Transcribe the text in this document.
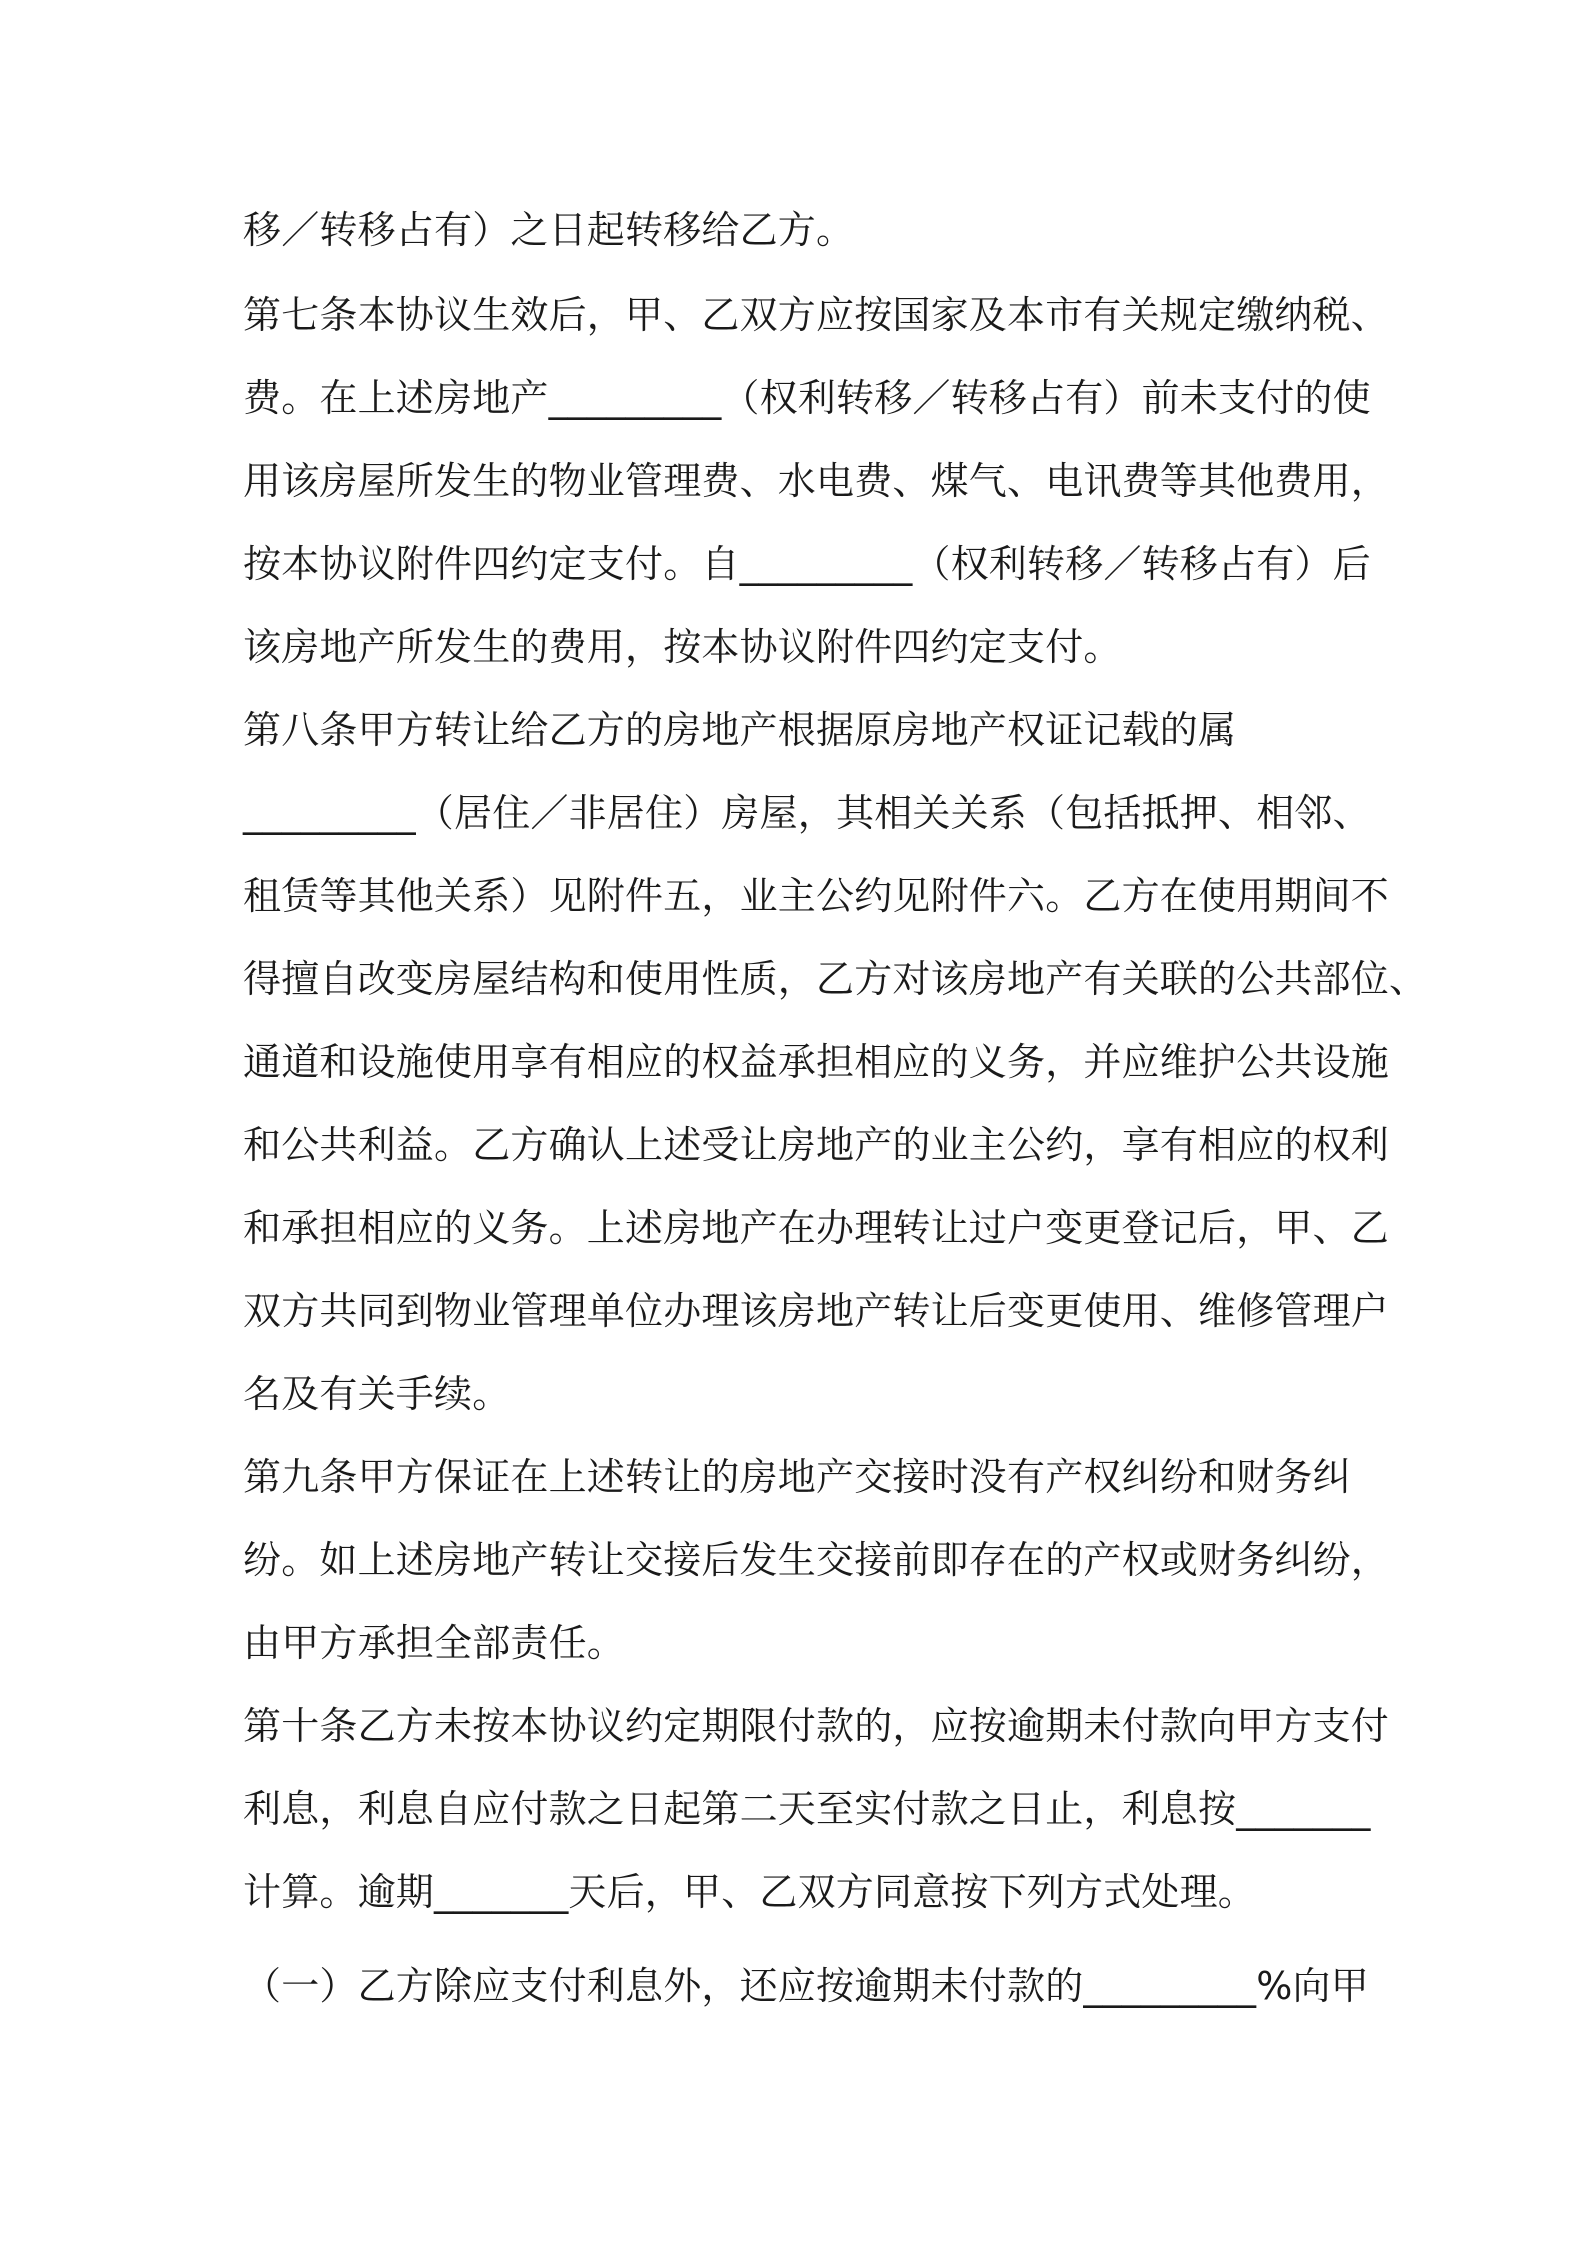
移／转移占有）之日起转移给乙方。
第七条本协议生效后，甲、乙双方应按国家及本市有关规定缴纳税、
费。在上述房地产_________（权利转移／转移占有）前未支付的使
用该房屋所发生的物业管理费、水电费、煤气、电讯费等其他费用，
按本协议附件四约定支付。自_________（权利转移／转移占有）后
该房地产所发生的费用，按本协议附件四约定支付。
第八条甲方转让给乙方的房地产根据原房地产权证记载的属
_________（居住／非居住）房屋，其相关关系（包括抵押、相邻、
租赁等其他关系）见附件五，业主公约见附件六。乙方在使用期间不
得擅自改变房屋结构和使用性质，乙方对该房地产有关联的公共部位、
通道和设施使用享有相应的权益承担相应的义务，并应维护公共设施
和公共利益。乙方确认上述受让房地产的业主公约，享有相应的权利
和承担相应的义务。上述房地产在办理转让过户变更登记后，甲、乙
双方共同到物业管理单位办理该房地产转让后变更使用、维修管理户
名及有关手续。
第九条甲方保证在上述转让的房地产交接时没有产权纠纷和财务纠
纷。如上述房地产转让交接后发生交接前即存在的产权或财务纠纷，
由甲方承担全部责任。
第十条乙方未按本协议约定期限付款的，应按逾期未付款向甲方支付
利息，利息自应付款之日起第二天至实付款之日止，利息按_______
计算。逾期_______天后，甲、乙双方同意按下列方式处理。
（一）乙方除应支付利息外，还应按逾期未付款的_________%向甲
